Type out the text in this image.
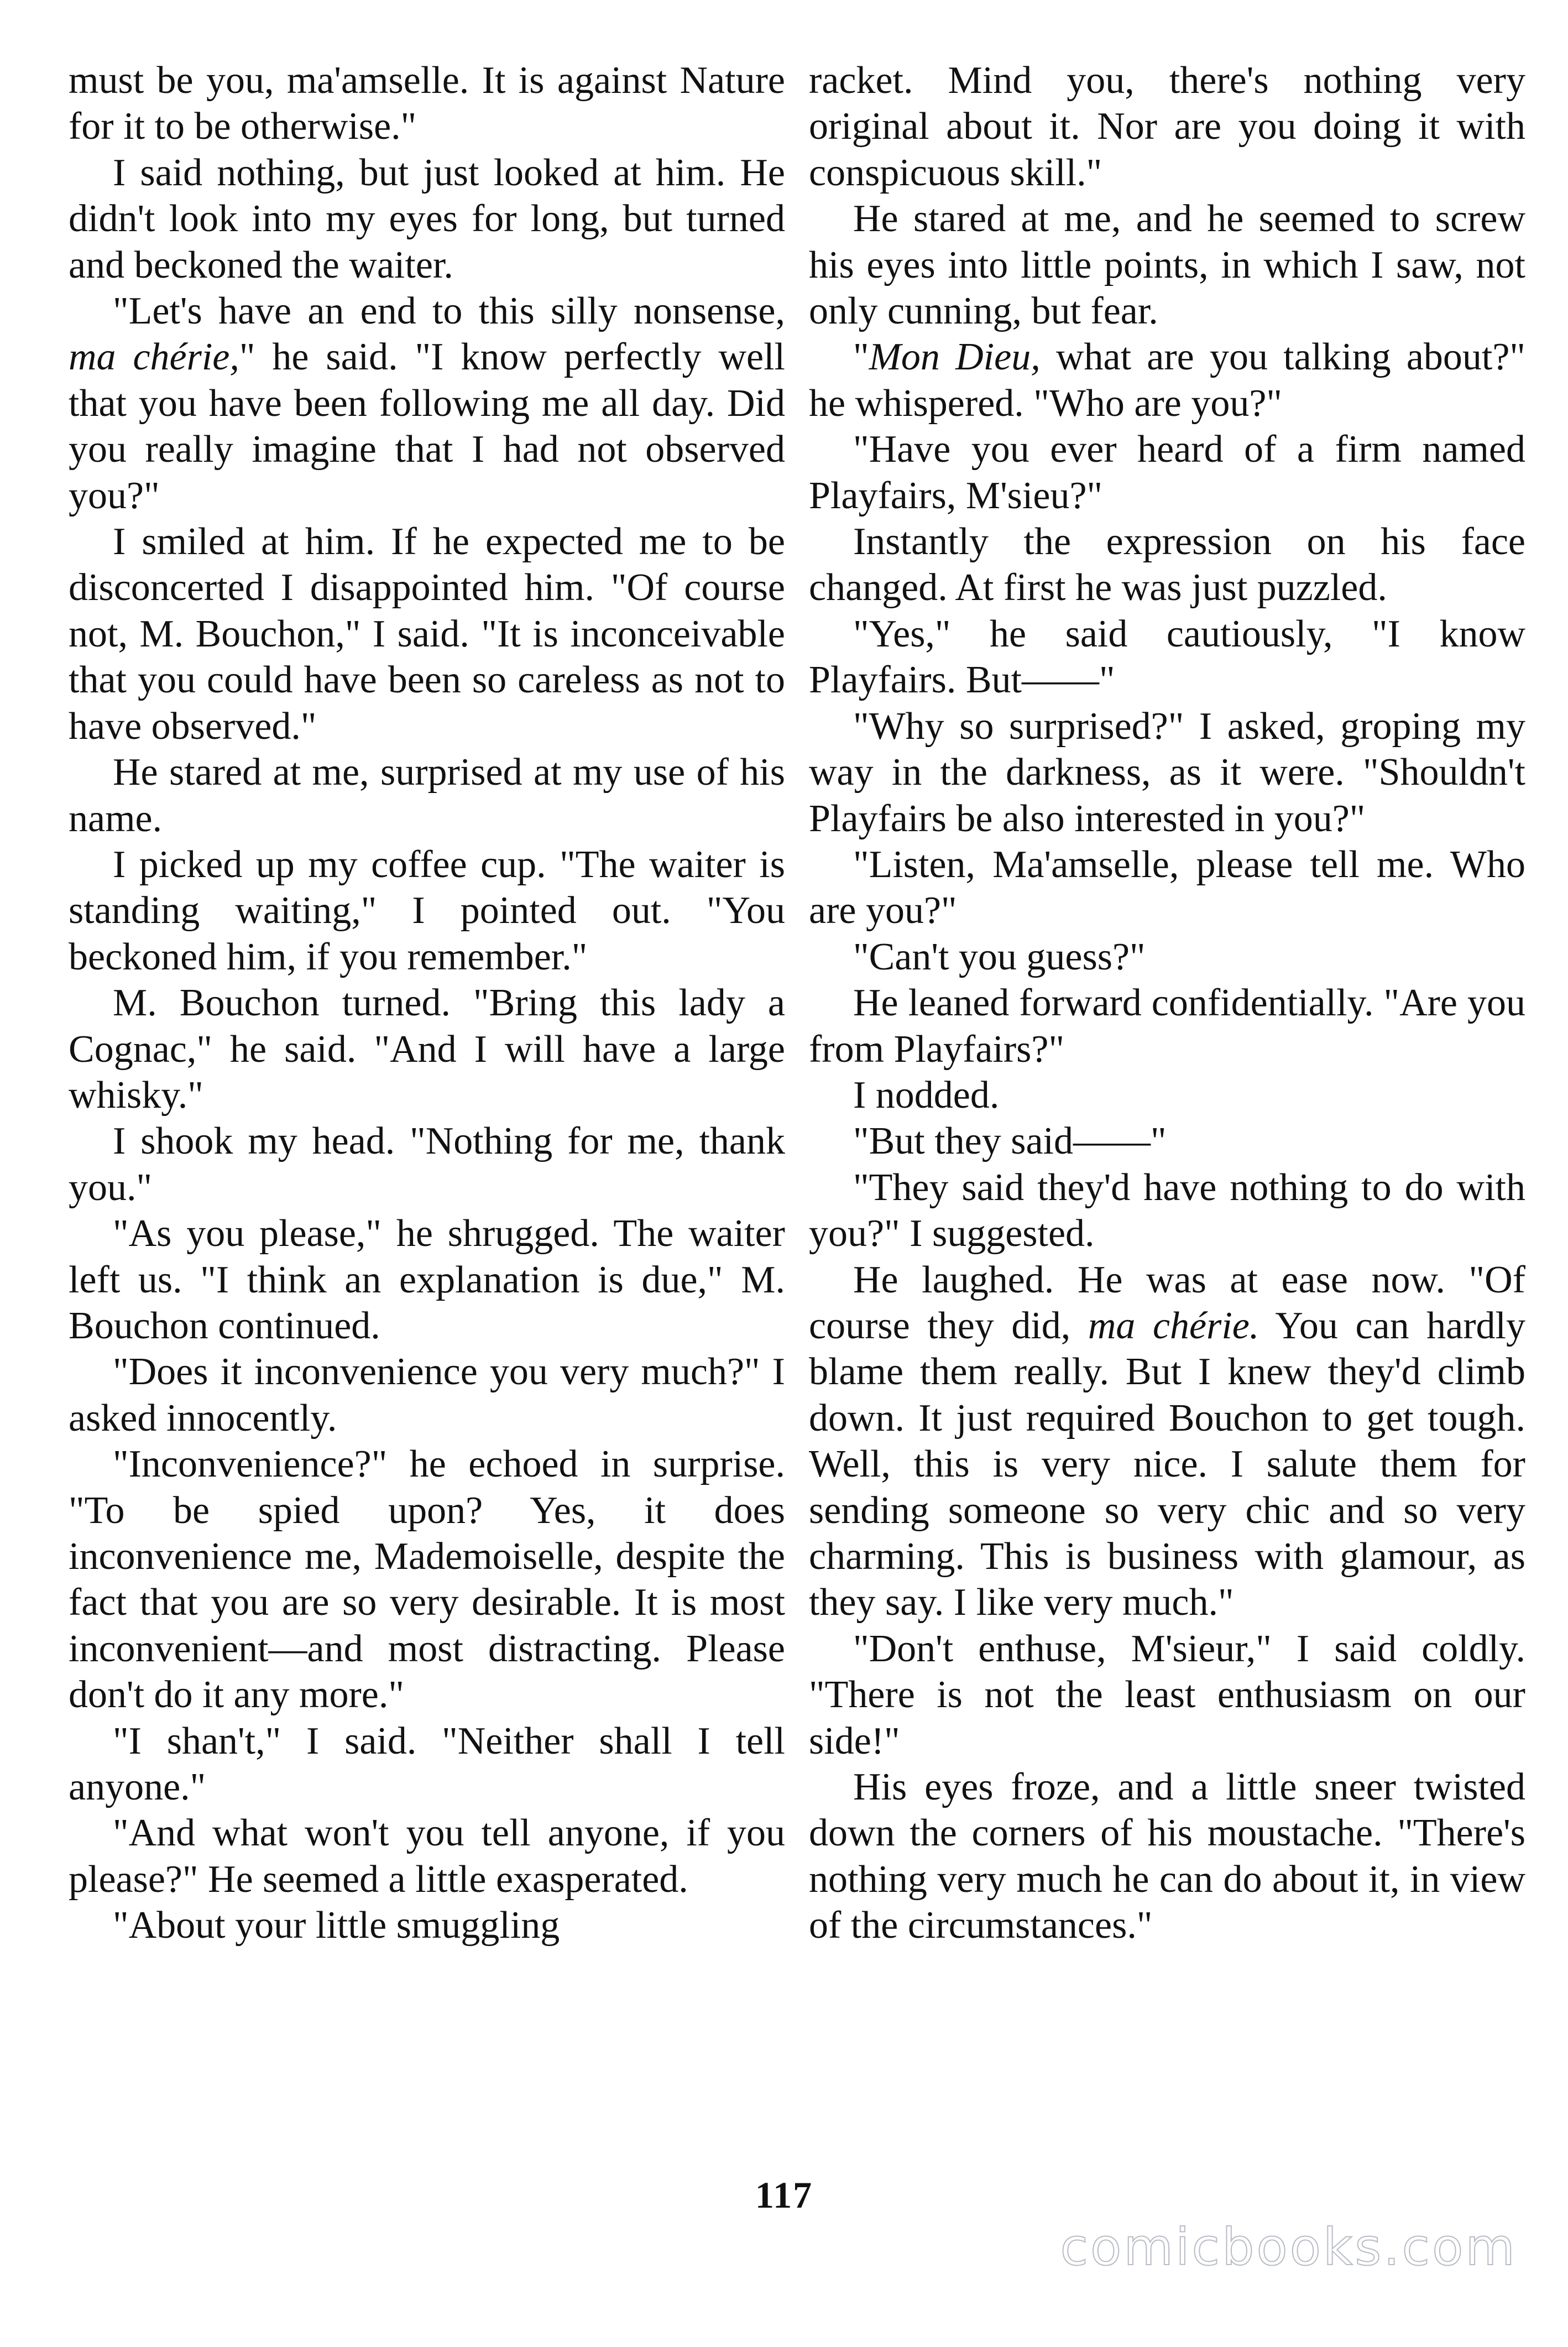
must be you, ma'amselle. It is against Nature for it to be otherwise."

I said nothing, but just looked at him. He didn't look into my eyes for long, but turned and beckoned the waiter.

"Let's have an end to this silly nonsense, ma chérie," he said. "I know perfectly well that you have been following me all day. Did you really imagine that I had not observed you?"

I smiled at him. If he expected me to be disconcerted I disappointed him. "Of course not, M. Bouchon," I said. "It is inconceivable that you could have been so careless as not to have observed."

He stared at me, surprised at my use of his name.

I picked up my coffee cup. "The waiter is standing waiting," I pointed out. "You beckoned him, if you remember."

M. Bouchon turned. "Bring this lady a Cognac," he said. "And I will have a large whisky."

I shook my head. "Nothing for me, thank you."

"As you please," he shrugged. The waiter left us. "I think an explanation is due," M. Bouchon continued.

"Does it inconvenience you very much?" I asked innocently.

"Inconvenience?" he echoed in surprise. "To be spied upon? Yes, it does inconvenience me, Mademoiselle, despite the fact that you are so very desirable. It is most inconvenient—and most distracting. Please don't do it any more."

"I shan't," I said. "Neither shall I tell anyone."

"And what won't you tell anyone, if you please?" He seemed a little exasperated.

"About your little smuggling

racket. Mind you, there's nothing very original about it. Nor are you doing it with conspicuous skill."

He stared at me, and he seemed to screw his eyes into little points, in which I saw, not only cunning, but fear.

"Mon Dieu, what are you talking about?" he whispered. "Who are you?"

"Have you ever heard of a firm named Playfairs, M'sieu?"

Instantly the expression on his face changed. At first he was just puzzled.

"Yes," he said cautiously, "I know Playfairs. But——"

"Why so surprised?" I asked, groping my way in the darkness, as it were. "Shouldn't Playfairs be also interested in you?"

"Listen, Ma'amselle, please tell me. Who are you?"

"Can't you guess?"

He leaned forward confidentially. "Are you from Playfairs?"

I nodded.

"But they said——"

"They said they'd have nothing to do with you?" I suggested.

He laughed. He was at ease now. "Of course they did, ma chérie. You can hardly blame them really. But I knew they'd climb down. It just required Bouchon to get tough. Well, this is very nice. I salute them for sending someone so very chic and so very charming. This is business with glamour, as they say. I like very much."

"Don't enthuse, M'sieur," I said coldly. "There is not the least enthusiasm on our side!"

His eyes froze, and a little sneer twisted down the corners of his moustache. "There's nothing very much he can do about it, in view of the circumstances."

117
comicbooks.com
